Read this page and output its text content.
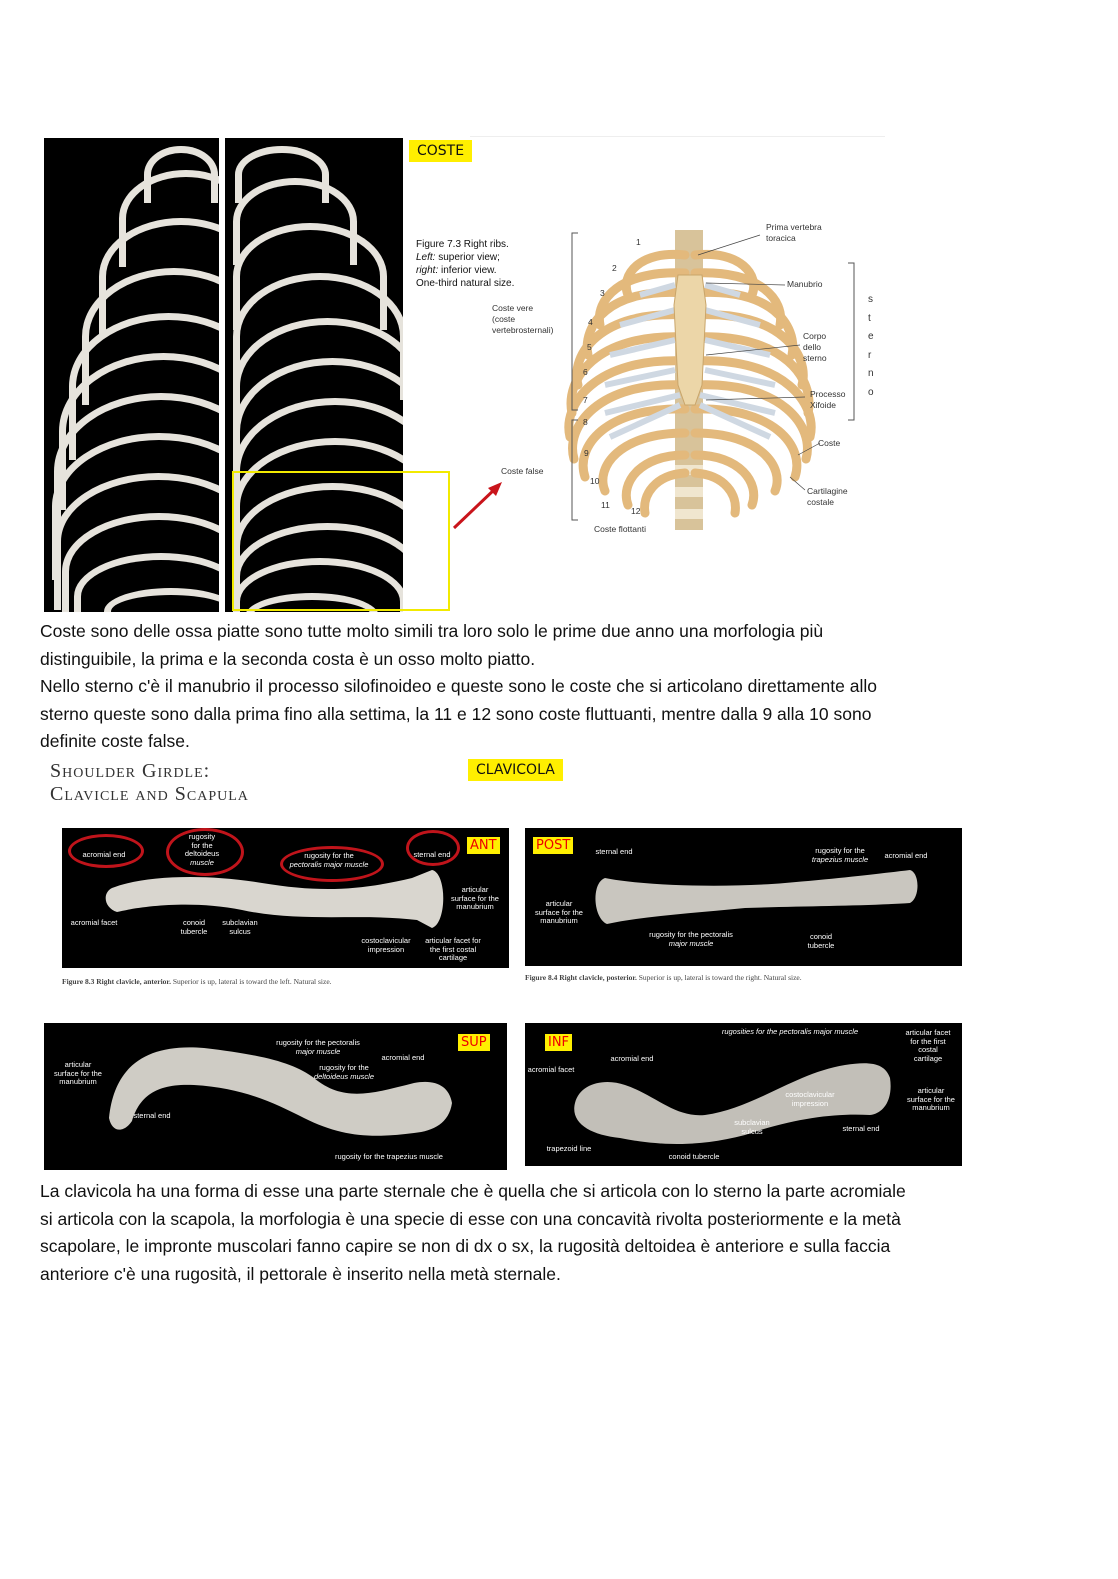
COSTE
Figure 7.3 Right ribs.
Left: superior view;
right: inferior view.
One-third natural size.
Prima vertebra
toracica
Manubrio
Corpo
dello
sterno
Processo
Xifoide
Coste
Cartilagine
costale
Coste vere
(coste
vertebrosternali)
Coste false
Coste flottanti
s
t
e
r
n
o
1
2
3
4
5
6
7
8
9
10
11
12

Coste sono delle ossa piatte sono tutte molto simili tra loro solo le prime due anno una morfologia più

distinguibile, la prima e la seconda costa è un osso molto piatto.

Nello sterno c'è il manubrio il processo silofinoideo e queste sono le coste che si articolano direttamente allo

sterno queste sono dalla prima fino alla settima, la 11 e 12 sono coste fluttuanti, mentre dalla 9 alla 10 sono

definite coste false.

Shoulder Girdle:
Clavicle and Scapula
CLAVICOLA
acromial end
rugosity
for the
deltoideus
muscle
rugosity for the
pectoralis major muscle
sternal end
articular
surface for the
manubrium
acromial facet	conoid
tubercle
subclavian
sulcus
costoclavicular
impression
articular facet for
the first costal
cartilage
ANT
Figure 8.3 Right clavicle, anterior. Superior is up, lateral is toward the left. Natural size.
sternal end	rugosity for the
trapezius muscle	acromial end
articular
surface for the
manubrium
rugosity for the pectoralis
major muscle
conoid
tubercle
POST
Figure 8.4 Right clavicle, posterior. Superior is up, lateral is toward the right. Natural size.
articular
surface for the
manubrium
rugosity for the pectoralis
major muscle
acromial end
rugosity for the
deltoideus muscle
sternal end
rugosity for the trapezius muscle
SUP
rugosities for the pectoralis major muscle	articular facet
for the first
costal
cartilage
acromial end
acromial facet
costoclavicular
impression
articular
surface for the
manubrium
subclavian
sulcus	sternal end
trapezoid line
conoid tubercle
INF

La clavicola ha una forma di esse una parte sternale che è quella che si articola con lo sterno la parte acromiale

si articola con la scapola, la morfologia è una specie di esse con una concavità rivolta posteriormente e la metà

scapolare, le impronte muscolari fanno capire se non di dx o sx, la rugosità deltoidea è anteriore e sulla faccia

anteriore c'è una rugosità, il pettorale è inserito nella metà sternale.
